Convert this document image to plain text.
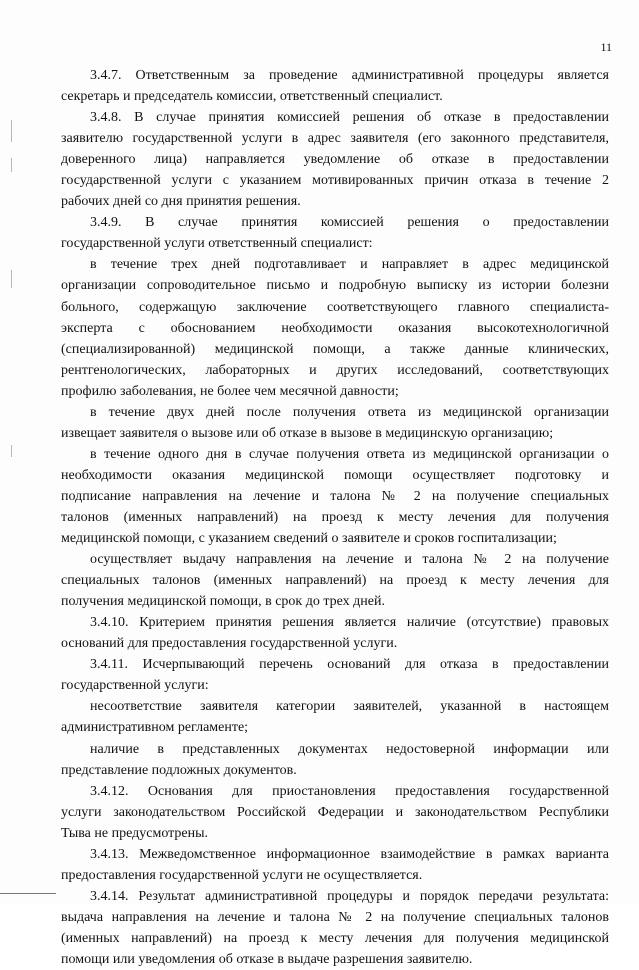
11
3.4.7. Ответственным за проведение административной процедуры является
секретарь и председатель комиссии, ответственный специалист.
3.4.8. В случае принятия комиссией решения об отказе в предоставлении
заявителю государственной услуги в адрес заявителя (его законного представителя,
доверенного лица) направляется уведомление об отказе в предоставлении
государственной услуги с указанием мотивированных причин отказа в течение 2
рабочих дней со дня принятия решения.
3.4.9. В случае принятия комиссией решения о предоставлении
государственной услуги ответственный специалист:
в течение трех дней подготавливает и направляет в адрес медицинской
организации сопроводительное письмо и подробную выписку из истории болезни
больного, содержащую заключение соответствующего главного специалиста-
эксперта с обоснованием необходимости оказания высокотехнологичной
(специализированной) медицинской помощи, а также данные клинических,
рентгенологических, лабораторных и других исследований, соответствующих
профилю заболевания, не более чем месячной давности;
в течение двух дней после получения ответа из медицинской организации
извещает заявителя о вызове или об отказе в вызове в медицинскую организацию;
в течение одного дня в случае получения ответа из медицинской организации о
необходимости оказания медицинской помощи осуществляет подготовку и
подписание направления на лечение и талона № 2 на получение специальных
талонов (именных направлений) на проезд к месту лечения для получения
медицинской помощи, с указанием сведений о заявителе и сроков госпитализации;
осуществляет выдачу направления на лечение и талона № 2 на получение
специальных талонов (именных направлений) на проезд к месту лечения для
получения медицинской помощи, в срок до трех дней.
3.4.10. Критерием принятия решения является наличие (отсутствие) правовых
оснований для предоставления государственной услуги.
3.4.11. Исчерпывающий перечень оснований для отказа в предоставлении
государственной услуги:
несоответствие заявителя категории заявителей, указанной в настоящем
административном регламенте;
наличие в представленных документах недостоверной информации или
представление подложных документов.
3.4.12. Основания для приостановления предоставления государственной
услуги законодательством Российской Федерации и законодательством Республики
Тыва не предусмотрены.
3.4.13. Межведомственное информационное взаимодействие в рамках варианта
предоставления государственной услуги не осуществляется.
3.4.14. Результат административной процедуры и порядок передачи результата:
выдача направления на лечение и талона № 2 на получение специальных талонов
(именных направлений) на проезд к месту лечения для получения медицинской
помощи или уведомления об отказе в выдаче разрешения заявителю.
